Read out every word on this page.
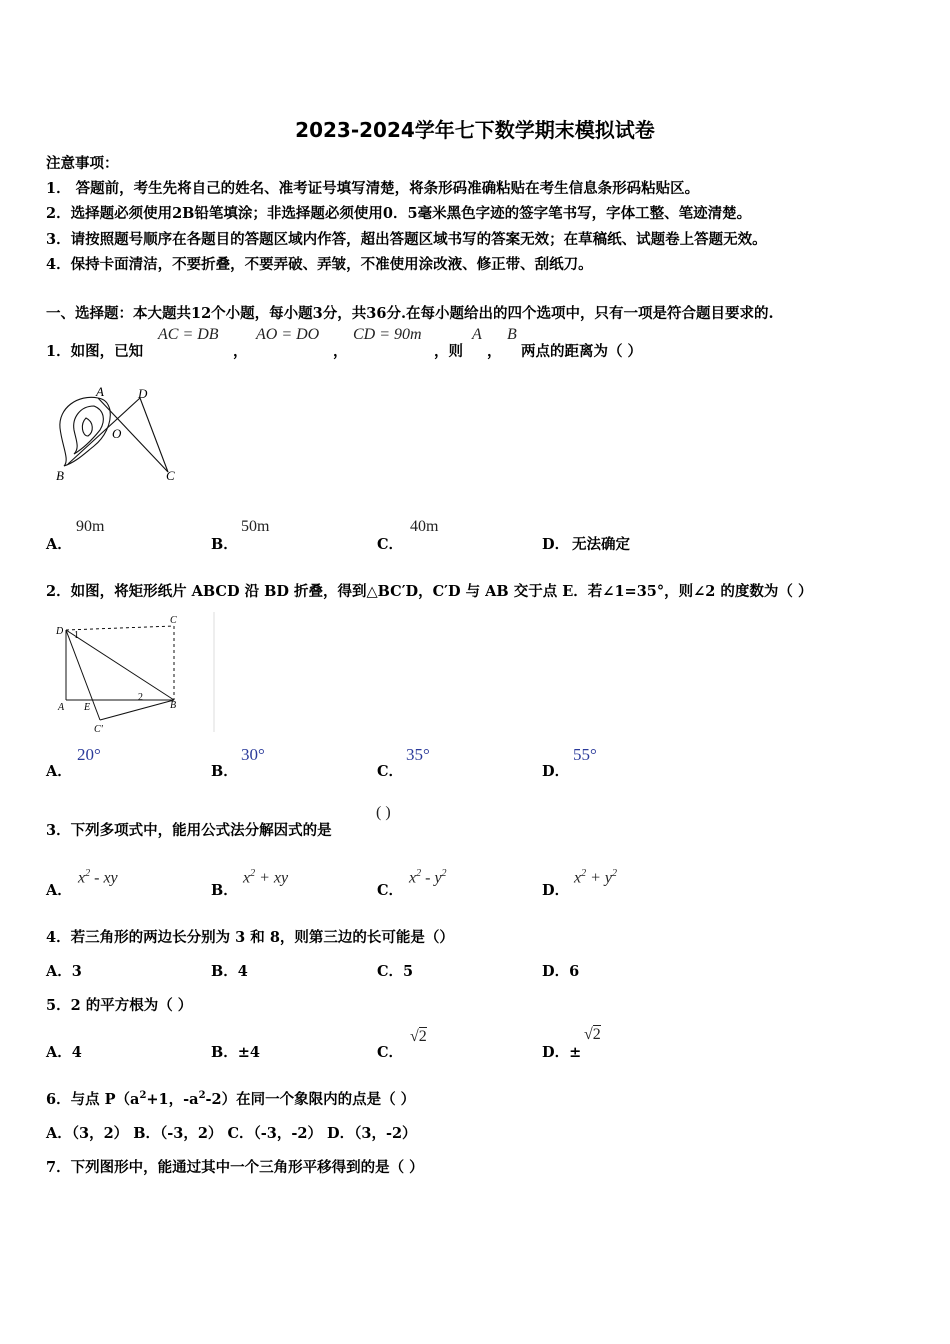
2023-2024学年七下数学期末模拟试卷
注意事项：
1． 答题前，考生先将自己的姓名、准考证号填写清楚，将条形码准确粘贴在考生信息条形码粘贴区。
2．选择题必须使用2B铅笔填涂；非选择题必须使用0．5毫米黑色字迹的签字笔书写，字体工整、笔迹清楚。
3．请按照题号顺序在各题目的答题区域内作答，超出答题区域书写的答案无效；在草稿纸、试题卷上答题无效。
4．保持卡面清洁，不要折叠，不要弄破、弄皱，不准使用涂改液、修正带、刮纸刀。
一、选择题：本大题共12个小题，每小题3分，共36分.在每小题给出的四个选项中，只有一项是符合题目要求的.
1．如图，已知
AC = DB
，
AO = DO
，
CD = 90m
，则
A
，
B
两点的距离为（ ）
A	D
O
B	C
A．
90m
B．
50m
C．
40m
D． 无法确定
2．如图，将矩形纸片 ABCD 沿 BD 折叠，得到△BC′D，C′D 与 AB 交于点 E．若∠1=35°，则∠2 的度数为（ ）
D 1
C
A E
2
B
C'
A．
20°
B．
30°
C．
35°
D．
55°
3．下列多项式中，能用公式法分解因式的是
( )
A．
$x^2$ - xy
B．
$x^2$ + xy
C．
$x^2 - y^2$
D．
$x^2 + y^2$
4．若三角形的两边长分别为 3 和 8，则第三边的长可能是（）
A．3	B．4	C．5	D．6
5．2 的平方根为（ ）
A．4	B．±4	C．
√2
D．±
√2
6．与点 $P(a^2+1$，$-a^2-2$）在同一个象限内的点是（ ）
A．（3，2） B．（-3，2） C．（-3，-2） D．（3，-2）
7．下列图形中，能通过其中一个三角形平移得到的是（ ）
